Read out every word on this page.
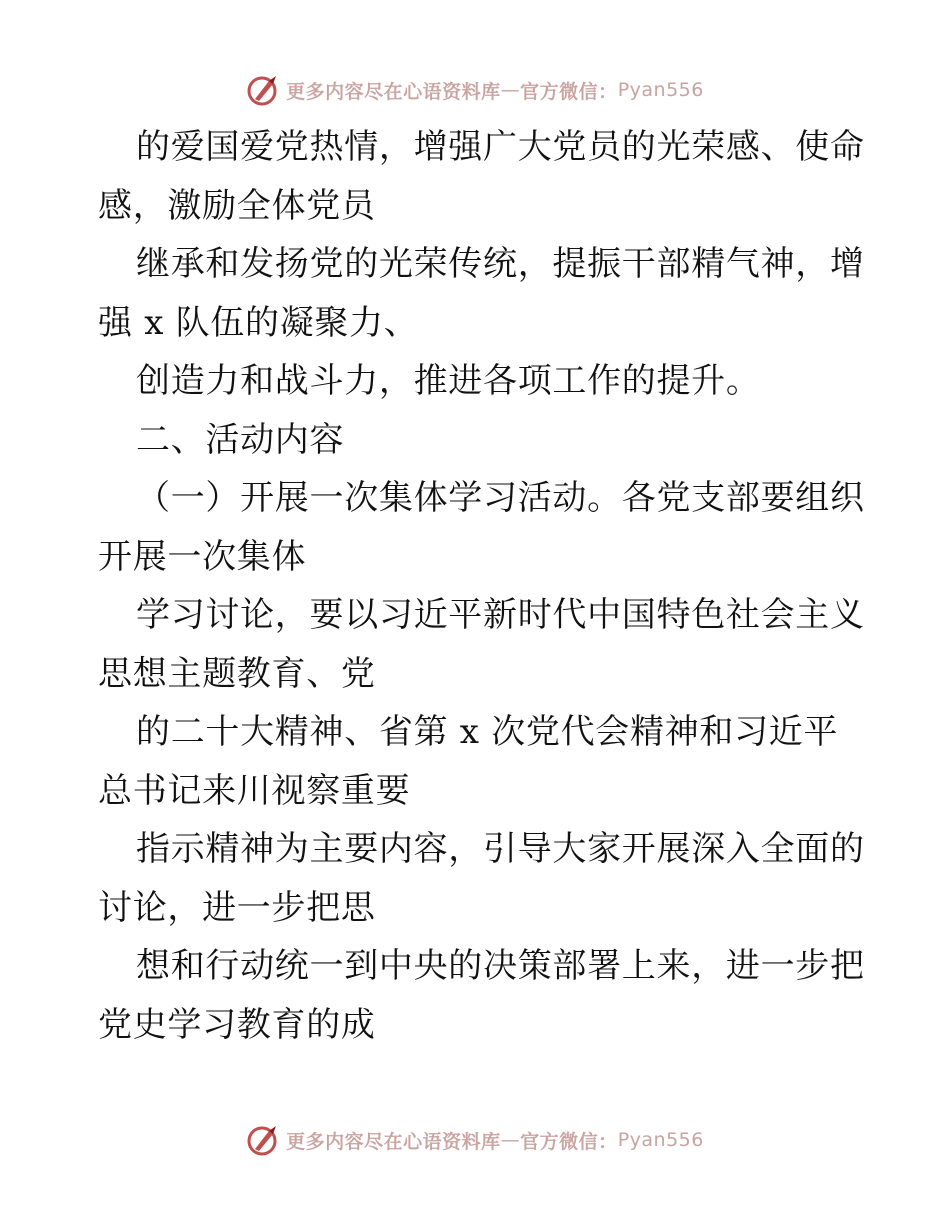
更多内容尽在心语资料库 — 官方微信： Pyan556
的爱国爱党热情，增强广大党员的光荣感、使命
感，激励全体党员
继承和发扬党的光荣传统，提振干部精气神，增
强 x 队伍的凝聚力、
创造力和战斗力，推进各项工作的提升。
二、活动内容
（一）开展一次集体学习活动。各党支部要组织
开展一次集体
学习讨论，要以习近平新时代中国特色社会主义
思想主题教育、党
的二十大精神、省第 x 次党代会精神和习近平
总书记来川视察重要
指示精神为主要内容，引导大家开展深入全面的
讨论，进一步把思
想和行动统一到中央的决策部署上来，进一步把
党史学习教育的成
更多内容尽在心语资料库 — 官方微信： Pyan556
